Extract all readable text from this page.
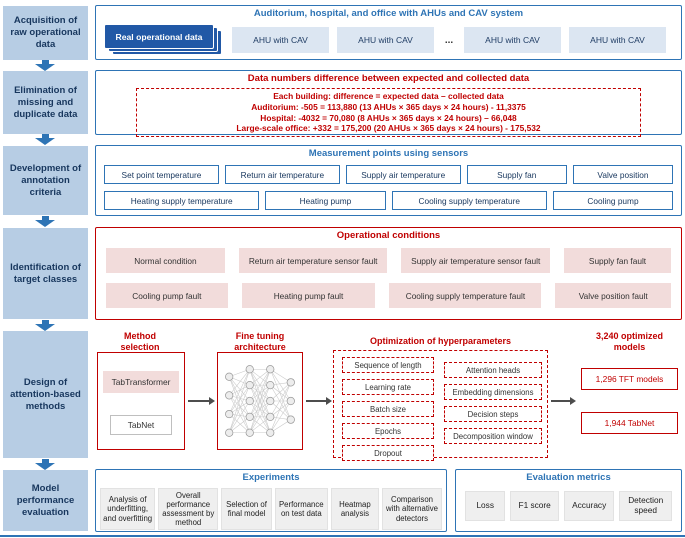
Acquisition of raw operational data
Elimination of missing and duplicate data
Development of annotation criteria
Identification of target classes
Design of attention-based methods
Model performance evaluation
Auditorium, hospital, and office with AHUs and CAV system
Real operational data	AHU with CAV	AHU with CAV	...	AHU with CAV	AHU with CAV
Data numbers difference between expected and collected data
Each building: difference = expected data – collected data
Auditorium: -505 = 113,880 (13 AHUs × 365 days × 24 hours) - 11,3375
Hospital: -4032 = 70,080 (8 AHUs × 365 days × 24 hours) – 66,048
Large-scale office: +332 = 175,200 (20 AHUs × 365 days × 24 hours) - 175,532
Measurement points using sensors
Set point temperature	Return air temperature	Supply air temperature	Supply fan	Valve position
Heating supply temperature	Heating pump	Cooling supply temperature	Cooling pump
Operational conditions
Normal condition	Return air temperature sensor fault	Supply air temperature sensor fault	Supply fan fault
Cooling pump fault	Heating pump fault	Cooling supply temperature fault	Valve position fault
Method selection
TabTransformer
TabNet
Fine tuning architecture
Optimization of hyperparameters
Sequence of length
Learning rate
Batch size
Epochs
Dropout
Attention heads
Embedding dimensions
Decision steps
Decomposition window
3,240 optimized models
1,296 TFT models
1,944 TabNet
Experiments
Analysis of underfitting, and overfitting
Overall performance assessment by method
Selection of final model
Performance on test data
Heatmap analysis
Comparison with alternative detectors
Evaluation metrics
Loss	F1 score	Accuracy	Detection speed
